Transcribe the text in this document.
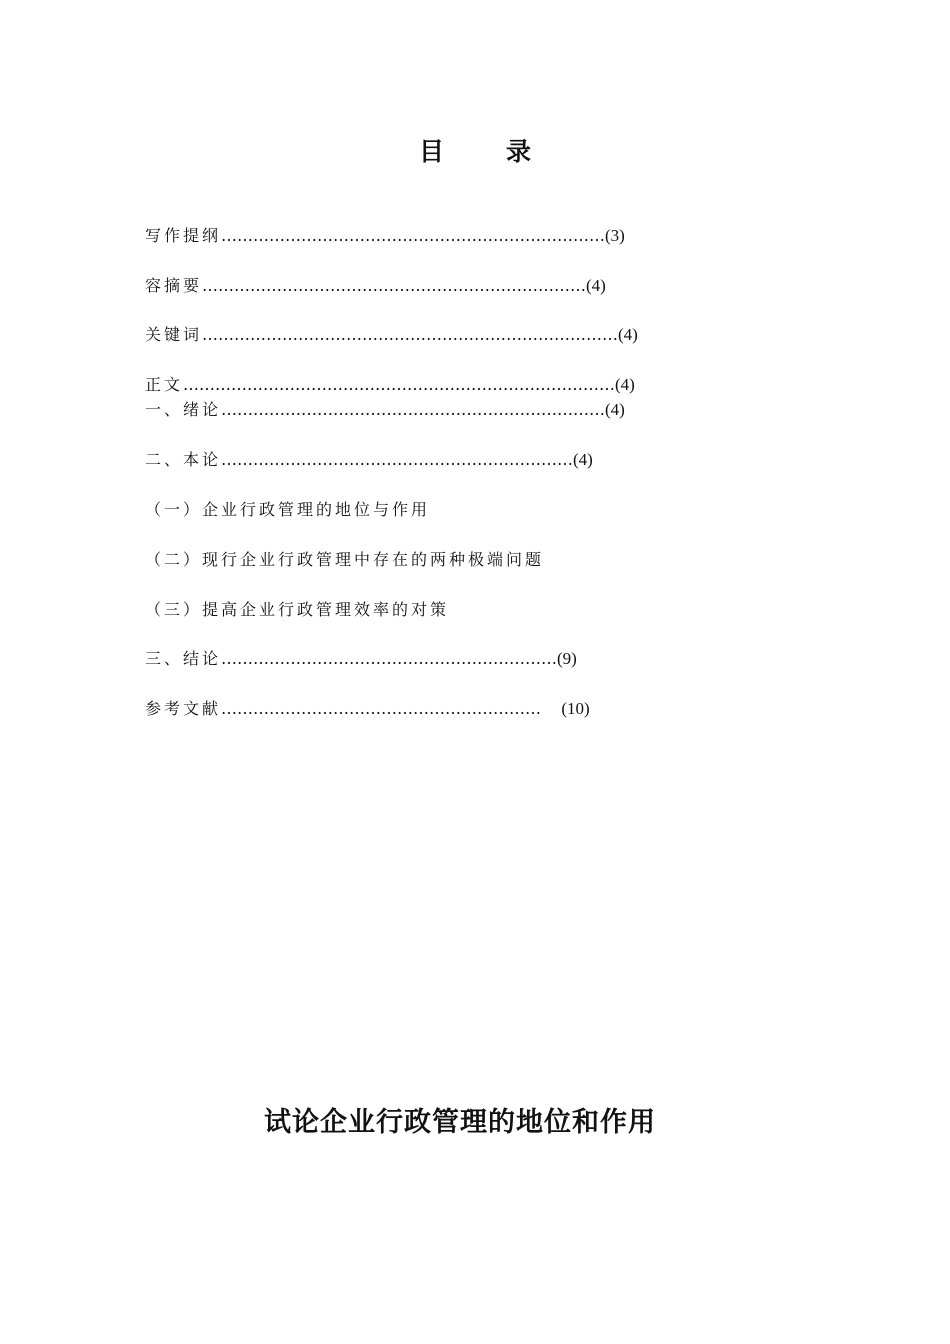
目 录
写作提纲………………………………………………………………(3)
容摘要………………………………………………………………(4)
关键词……………………………………………………………………(4)
正文………………………………………………………………………(4)
一、绪论………………………………………………………………(4)
二、本论…………………………………………………………(4)
（一）企业行政管理的地位与作用
（二）现行企业行政管理中存在的两种极端问题
（三）提高企业行政管理效率的对策
三、结论………………………………………………………(9)
参考文献……………………………………………………    (10)
试论企业行政管理的地位和作用
